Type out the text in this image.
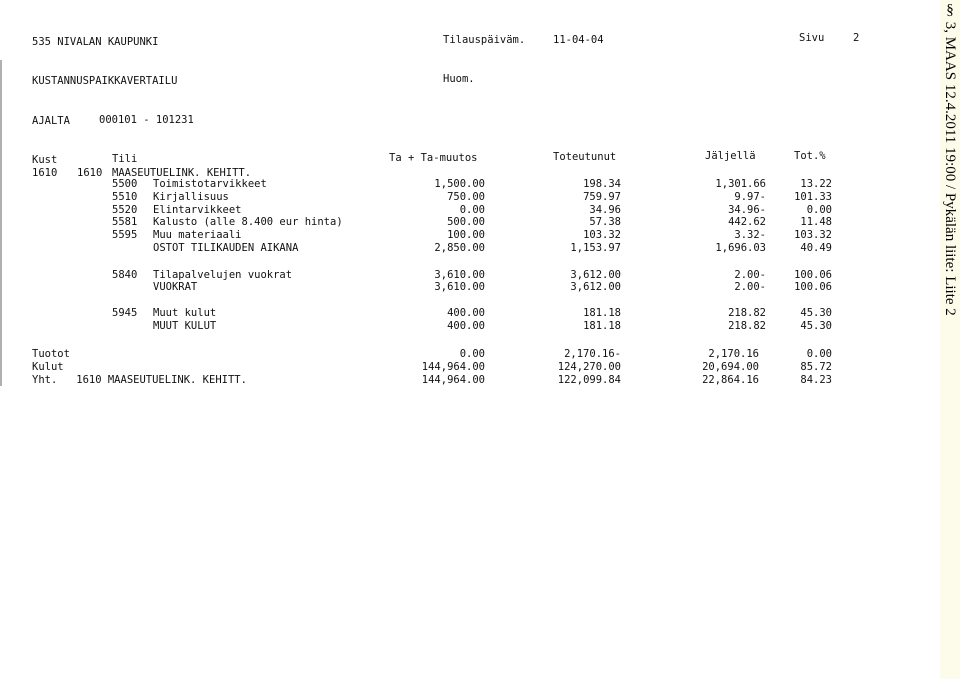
535 NIVALAN KAUPUNKI	Tilauspäiväm.	11-04-04	Sivu	2
KUSTANNUSPAIKKAVERTAILU	Huom.
AJALTA	000101 - 101231
Kust	Tili	Ta + Ta-muutos	Toteutunut	Jäljellä	Tot.%
1610 1610 MAASEUTUELINK. KEHITT.
5500 Toimistotarvikkeet	1,500.00	198.34	1,301.66	13.22
5510 Kirjallisuus	750.00	759.97	9.97-	101.33
5520 Elintarvikkeet	0.00	34.96	34.96-	0.00
5581 Kalusto (alle 8.400 eur hinta)	500.00	57.38	442.62	11.48
5595 Muu materiaali	100.00	103.32	3.32-	103.32
OSTOT TILIKAUDEN AIKANA	2,850.00	1,153.97	1,696.03	40.49
5840 Tilapalvelujen vuokrat	3,610.00	3,612.00	2.00-	100.06
VUOKRAT	3,610.00	3,612.00	2.00-	100.06
5945 Muut kulut	400.00	181.18	218.82	45.30
MUUT KULUT	400.00	181.18	218.82	45.30
Tuotot	0.00	2,170.16-	2,170.16	0.00
Kulut	144,964.00	124,270.00	20,694.00	85.72
Yht.   1610 MAASEUTUELINK. KEHITT.	144,964.00	122,099.84	22,864.16	84.23
§ 3, MAAS 12.4.2011 19:00 / Pykälän liite: Liite 2
